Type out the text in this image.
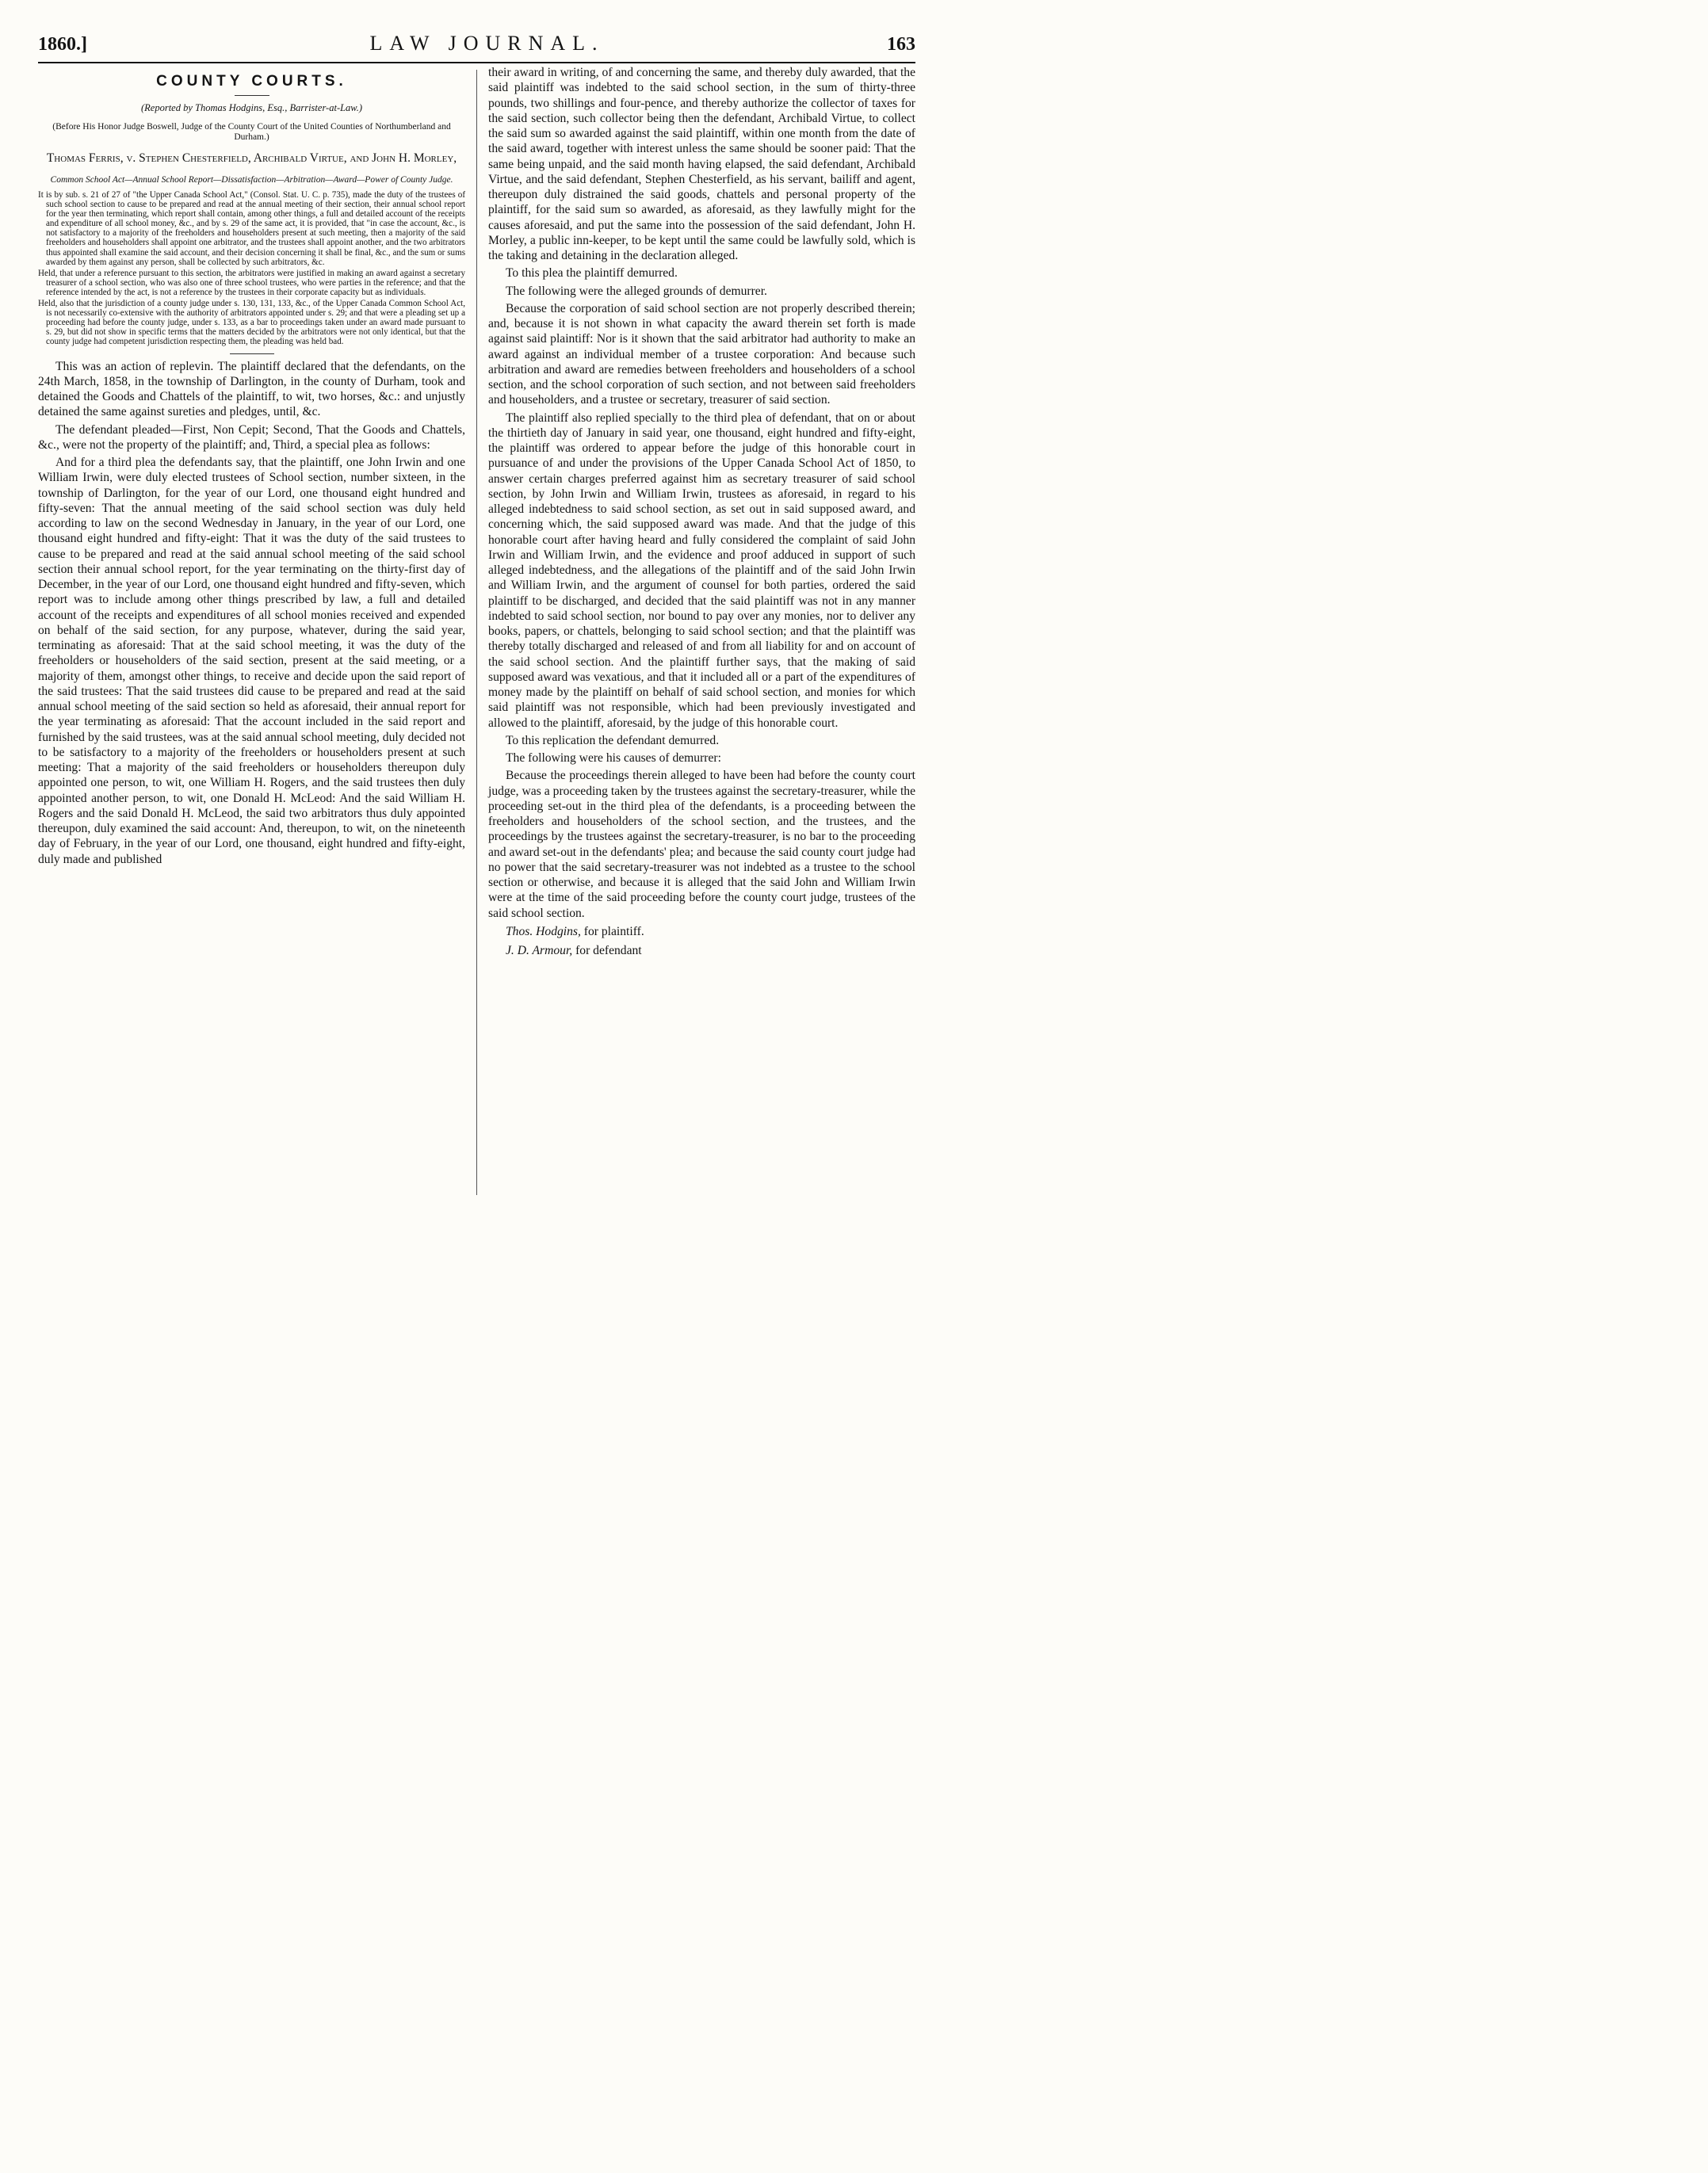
1860.]	LAW JOURNAL.	163
COUNTY COURTS.

(Reported by Thomas Hodgins, Esq., Barrister-at-Law.)

(Before His Honor Judge Boswell, Judge of the County Court of the United Counties of Northumberland and Durham.)

Thomas Ferris, v. Stephen Chesterfield, Archibald Virtue, and John H. Morley,

Common School Act—Annual School Report—Dissatisfaction—Arbitration—Award—Power of County Judge.

It is by sub. s. 21 of 27 of "the Upper Canada School Act," (Consol. Stat. U. C. p. 735), made the duty of the trustees of such school section to cause to be prepared and read at the annual meeting of their section, their annual school report for the year then terminating, which report shall contain, among other things, a full and detailed account of the receipts and expenditure of all school money, &c., and by s. 29 of the same act, it is provided, that "in case the account, &c., is not satisfactory to a majority of the freeholders and householders present at such meeting, then a majority of the said freeholders and householders shall appoint one arbitrator, and the trustees shall appoint another, and the two arbitrators thus appointed shall examine the said account, and their decision concerning it shall be final, &c., and the sum or sums awarded by them against any person, shall be collected by such arbitrators, &c.

Held, that under a reference pursuant to this section, the arbitrators were justified in making an award against a secretary treasurer of a school section, who was also one of three school trustees, who were parties in the reference; and that the reference intended by the act, is not a reference by the trustees in their corporate capacity but as individuals.

Held, also that the jurisdiction of a county judge under s. 130, 131, 133, &c., of the Upper Canada Common School Act, is not necessarily co-extensive with the authority of arbitrators appointed under s. 29; and that were a pleading set up a proceeding had before the county judge, under s. 133, as a bar to proceedings taken under an award made pursuant to s. 29, but did not show in specific terms that the matters decided by the arbitrators were not only identical, but that the county judge had competent jurisdiction respecting them, the pleading was held bad.

This was an action of replevin. The plaintiff declared that the defendants, on the 24th March, 1858, in the township of Darlington, in the county of Durham, took and detained the Goods and Chattels of the plaintiff, to wit, two horses, &c.: and unjustly detained the same against sureties and pledges, until, &c.

The defendant pleaded—First, Non Cepit; Second, That the Goods and Chattels, &c., were not the property of the plaintiff; and, Third, a special plea as follows:

And for a third plea the defendants say, that the plaintiff, one John Irwin and one William Irwin, were duly elected trustees of School section, number sixteen, in the township of Darlington, for the year of our Lord, one thousand eight hundred and fifty-seven: That the annual meeting of the said school section was duly held according to law on the second Wednesday in January, in the year of our Lord, one thousand eight hundred and fifty-eight: That it was the duty of the said trustees to cause to be prepared and read at the said annual school meeting of the said school section their annual school report, for the year terminating on the thirty-first day of December, in the year of our Lord, one thousand eight hundred and fifty-seven, which report was to include among other things prescribed by law, a full and detailed account of the receipts and expenditures of all school monies received and expended on behalf of the said section, for any purpose, whatever, during the said year, terminating as aforesaid: That at the said school meeting, it was the duty of the freeholders or householders of the said section, present at the said meeting, or a majority of them, amongst other things, to receive and decide upon the said report of the said trustees: That the said trustees did cause to be prepared and read at the said annual school meeting of the said section so held as aforesaid, their annual report for the year terminating as aforesaid: That the account included in the said report and furnished by the said trustees, was at the said annual school meeting, duly decided not to be satisfactory to a majority of the freeholders or householders present at such meeting: That a majority of the said freeholders or householders thereupon duly appointed one person, to wit, one William H. Rogers, and the said trustees then duly appointed another person, to wit, one Donald H. McLeod: And the said William H. Rogers and the said Donald H. McLeod, the said two arbitrators thus duly appointed thereupon, duly examined the said account: And, thereupon, to wit, on the nineteenth day of February, in the year of our Lord, one thousand, eight hundred and fifty-eight, duly made and published

their award in writing, of and concerning the same, and thereby duly awarded, that the said plaintiff was indebted to the said school section, in the sum of thirty-three pounds, two shillings and four-pence, and thereby authorize the collector of taxes for the said section, such collector being then the defendant, Archibald Virtue, to collect the said sum so awarded against the said plaintiff, within one month from the date of the said award, together with interest unless the same should be sooner paid: That the same being unpaid, and the said month having elapsed, the said defendant, Archibald Virtue, and the said defendant, Stephen Chesterfield, as his servant, bailiff and agent, thereupon duly distrained the said goods, chattels and personal property of the plaintiff, for the said sum so awarded, as aforesaid, as they lawfully might for the causes aforesaid, and put the same into the possession of the said defendant, John H. Morley, a public inn-keeper, to be kept until the same could be lawfully sold, which is the taking and detaining in the declaration alleged.

To this plea the plaintiff demurred.

The following were the alleged grounds of demurrer.

Because the corporation of said school section are not properly described therein; and, because it is not shown in what capacity the award therein set forth is made against said plaintiff: Nor is it shown that the said arbitrator had authority to make an award against an individual member of a trustee corporation: And because such arbitration and award are remedies between freeholders and householders of a school section, and the school corporation of such section, and not between said freeholders and householders, and a trustee or secretary, treasurer of said section.

The plaintiff also replied specially to the third plea of defendant, that on or about the thirtieth day of January in said year, one thousand, eight hundred and fifty-eight, the plaintiff was ordered to appear before the judge of this honorable court in pursuance of and under the provisions of the Upper Canada School Act of 1850, to answer certain charges preferred against him as secretary treasurer of said school section, by John Irwin and William Irwin, trustees as aforesaid, in regard to his alleged indebtedness to said school section, as set out in said supposed award, and concerning which, the said supposed award was made. And that the judge of this honorable court after having heard and fully considered the complaint of said John Irwin and William Irwin, and the evidence and proof adduced in support of such alleged indebtedness, and the allegations of the plaintiff and of the said John Irwin and William Irwin, and the argument of counsel for both parties, ordered the said plaintiff to be discharged, and decided that the said plaintiff was not in any manner indebted to said school section, nor bound to pay over any monies, nor to deliver any books, papers, or chattels, belonging to said school section; and that the plaintiff was thereby totally discharged and released of and from all liability for and on account of the said school section. And the plaintiff further says, that the making of said supposed award was vexatious, and that it included all or a part of the expenditures of money made by the plaintiff on behalf of said school section, and monies for which said plaintiff was not responsible, which had been previously investigated and allowed to the plaintiff, aforesaid, by the judge of this honorable court.

To this replication the defendant demurred.

The following were his causes of demurrer:

Because the proceedings therein alleged to have been had before the county court judge, was a proceeding taken by the trustees against the secretary-treasurer, while the proceeding set-out in the third plea of the defendants, is a proceeding between the freeholders and householders of the school section, and the trustees, and the proceedings by the trustees against the secretary-treasurer, is no bar to the proceeding and award set-out in the defendants' plea; and because the said county court judge had no power that the said secretary-treasurer was not indebted as a trustee to the school section or otherwise, and because it is alleged that the said John and William Irwin were at the time of the said proceeding before the county court judge, trustees of the said school section.

Thos. Hodgins, for plaintiff.

J. D. Armour, for defendant
